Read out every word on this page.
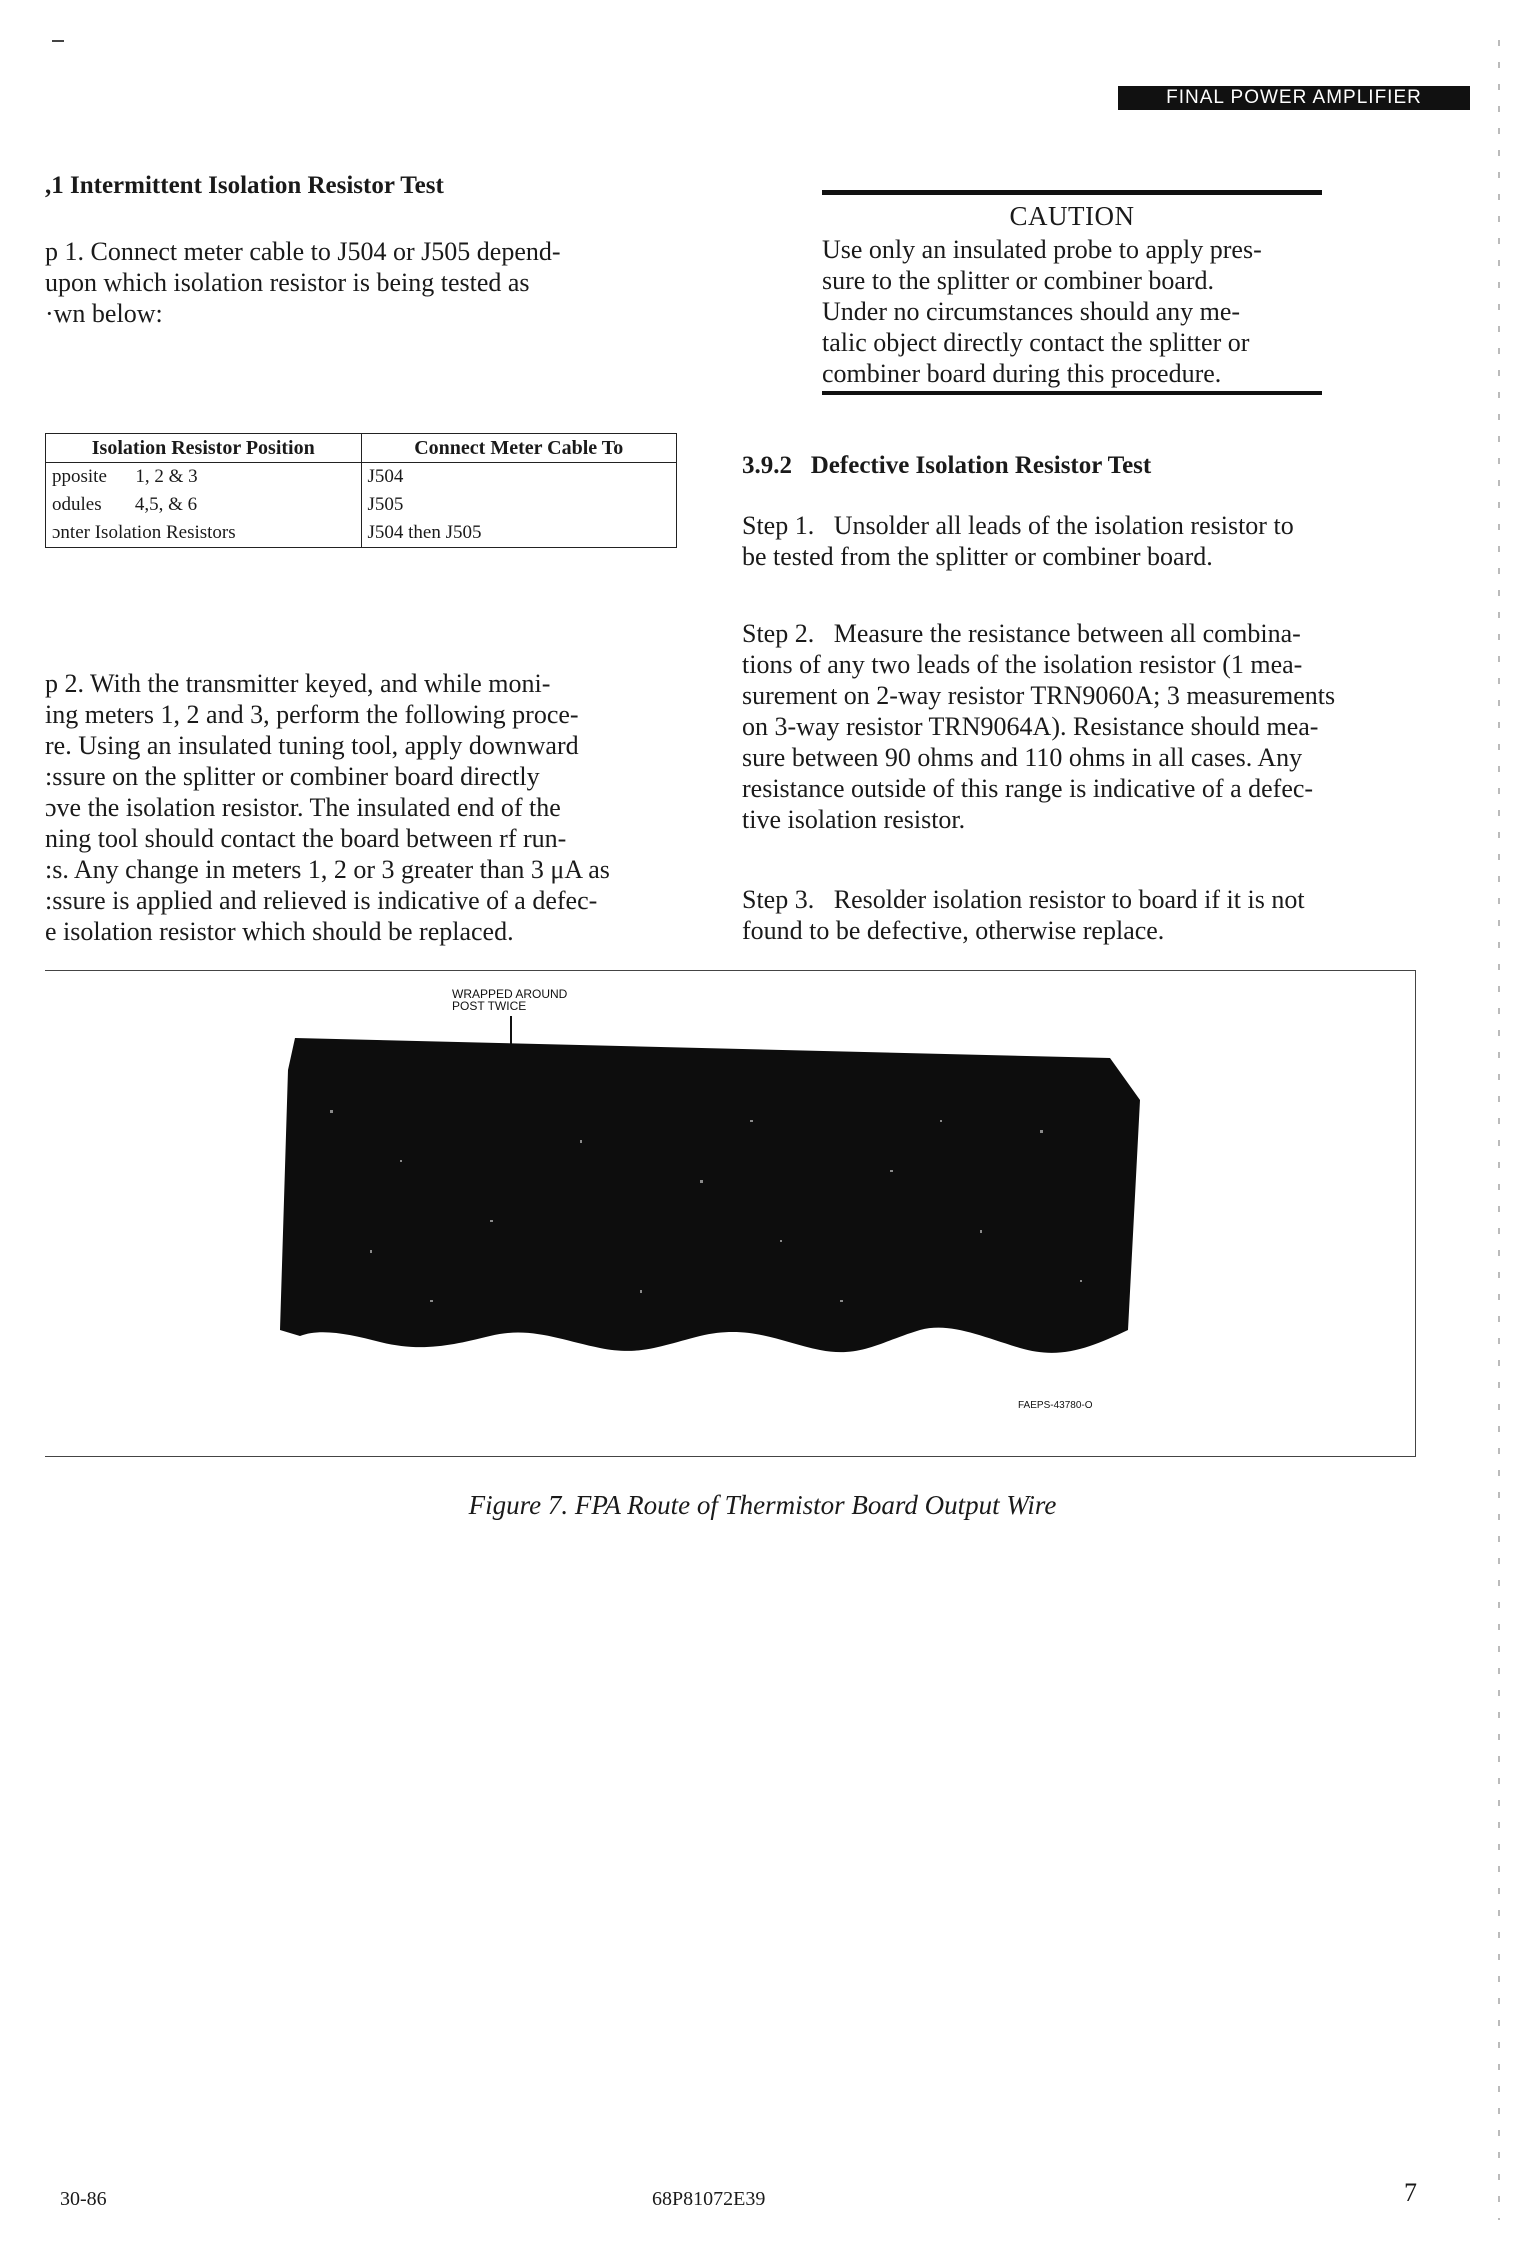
FINAL POWER AMPLIFIER
,1 Intermittent Isolation Resistor Test

p 1. Connect meter cable to J504 or J505 depend-

upon which isolation resistor is being tested as

·wn below:

Isolation Resistor Position	Connect Meter Cable To
pposite      1, 2 & 3	J504
odules       4,5, & 6	J505
ɔnter Isolation Resistors	J504 then J505

p 2. With the transmitter keyed, and while moni-

ing meters 1, 2 and 3, perform the following proce-

re. Using an insulated tuning tool, apply downward

:ssure on the splitter or combiner board directly

ɔve the isolation resistor. The insulated end of the

ning tool should contact the board between rf run-

:s. Any change in meters 1, 2 or 3 greater than 3 μA as

:ssure is applied and relieved is indicative of a defec-

e isolation resistor which should be replaced.

CAUTION

Use only an insulated probe to apply pres-

sure to the splitter or combiner board.

Under no circumstances should any me-

talic object directly contact the splitter or

combiner board during this procedure.

3.9.2   Defective Isolation Resistor Test

Step 1.   Unsolder all leads of the isolation resistor to

be tested from the splitter or combiner board.

Step 2.   Measure the resistance between all combina-

tions of any two leads of the isolation resistor (1 mea-

surement on 2-way resistor TRN9060A; 3 measurements

on 3-way resistor TRN9064A). Resistance should mea-

sure between 90 ohms and 110 ohms in all cases. Any

resistance outside of this range is indicative of a defec-

tive isolation resistor.

Step 3.   Resolder isolation resistor to board if it is not

found to be defective, otherwise replace.

WRAPPED AROUND
POST TWICE
FAEPS-43780-O
Figure 7. FPA Route of Thermistor Board Output Wire
30-86	68P81072E39	7
